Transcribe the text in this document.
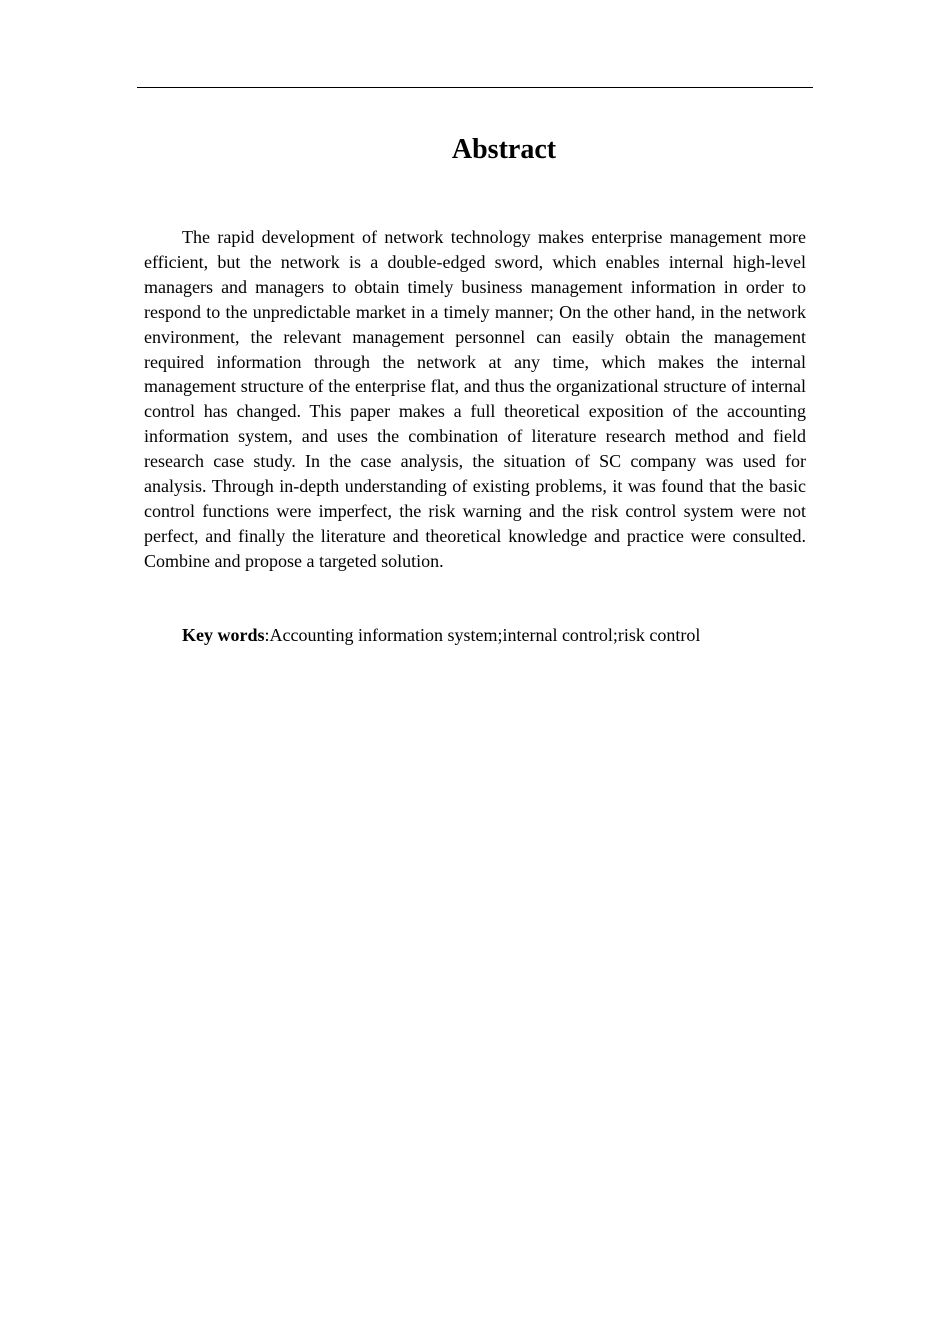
Abstract

The rapid development of network technology makes enterprise management more efficient, but the network is a double-edged sword, which enables internal high-level managers and managers to obtain timely business management information in order to respond to the unpredictable market in a timely manner; On the other hand, in the network environment, the relevant management personnel can easily obtain the management required information through the network at any time, which makes the internal management structure of the enterprise flat, and thus the organizational structure of internal control has changed. This paper makes a full theoretical exposition of the accounting information system, and uses the combination of literature research method and field research case study. In the case analysis, the situation of SC company was used for analysis. Through in-depth understanding of existing problems, it was found that the basic control functions were imperfect, the risk warning and the risk control system were not perfect, and finally the literature and theoretical knowledge and practice were consulted. Combine and propose a targeted solution.

Key words:Accounting information system;internal control;risk control
